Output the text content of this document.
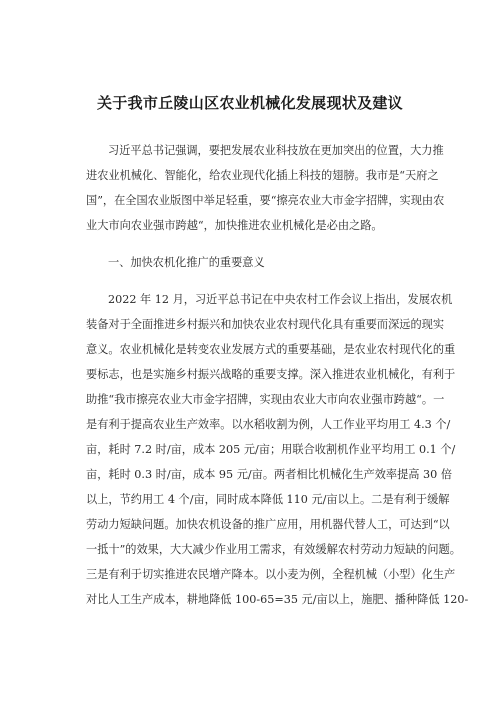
关于我市丘陵山区农业机械化发展现状及建议
习近平总书记强调，要把发展农业科技放在更加突出的位置，大力推
进农业机械化、智能化，给农业现代化插上科技的翅膀。我市是“天府之
国”，在全国农业版图中举足轻重，要“擦亮农业大市金字招牌，实现由农
业大市向农业强市跨越“，加快推进农业机械化是必由之路。
一、加快农机化推广的重要意义
2022 年 12 月，习近平总书记在中央农村工作会议上指出，发展农机
装备对于全面推进乡村振兴和加快农业农村现代化具有重要而深远的现实
意义。农业机械化是转变农业发展方式的重要基础，是农业农村现代化的重
要标志，也是实施乡村振兴战略的重要支撑。深入推进农业机械化，有利于
助推“我市擦亮农业大市金字招牌，实现由农业大市向农业强市跨越“。一
是有利于提高农业生产效率。以水稻收割为例，人工作业平均用工 4.3 个/
亩，耗时 7.2 时/亩，成本 205 元/亩；用联合收割机作业平均用工 0.1 个/
亩，耗时 0.3 时/亩，成本 95 元/亩。两者相比机械化生产效率提高 30 倍
以上，节约用工 4 个/亩，同时成本降低 110 元/亩以上。二是有利于缓解
劳动力短缺问题。加快农机设备的推广应用，用机器代替人工，可达到“以
一抵十”的效果，大大减少作业用工需求，有效缓解农村劳动力短缺的问题。
三是有利于切实推进农民增产降本。以小麦为例，全程机械（小型）化生产
对比人工生产成本，耕地降低 100-65=35 元/亩以上，施肥、播种降低 120-
